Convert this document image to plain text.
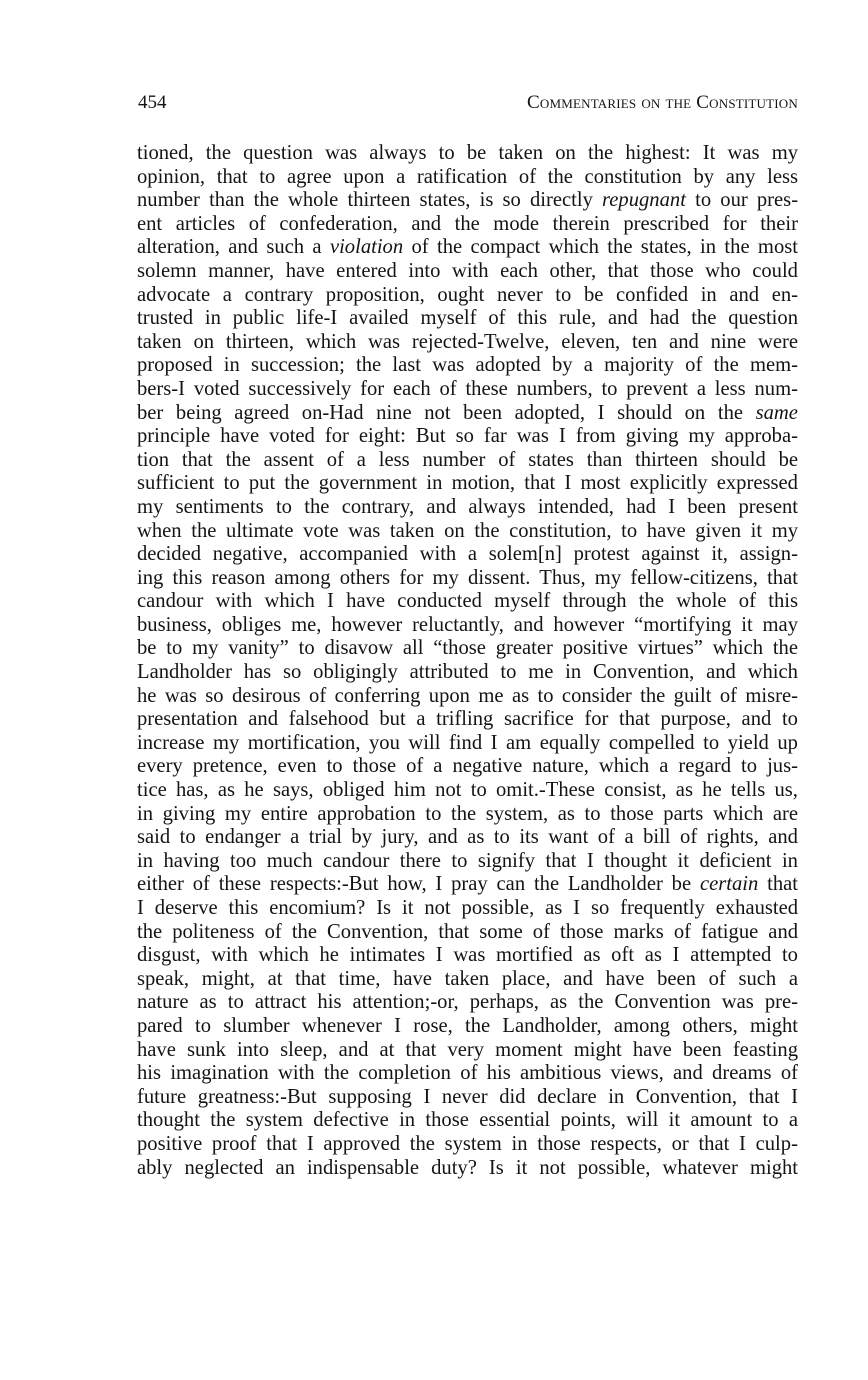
454	Commentaries on the Constitution
tioned, the question was always to be taken on the highest: It was my
opinion, that to agree upon a ratification of the constitution by any less
number than the whole thirteen states, is so directly repugnant to our pres-
ent articles of confederation, and the mode therein prescribed for their
alteration, and such a violation of the compact which the states, in the most
solemn manner, have entered into with each other, that those who could
advocate a contrary proposition, ought never to be confided in and en-
trusted in public life-I availed myself of this rule, and had the question
taken on thirteen, which was rejected-Twelve, eleven, ten and nine were
proposed in succession; the last was adopted by a majority of the mem-
bers-I voted successively for each of these numbers, to prevent a less num-
ber being agreed on-Had nine not been adopted, I should on the same
principle have voted for eight: But so far was I from giving my approba-
tion that the assent of a less number of states than thirteen should be
sufficient to put the government in motion, that I most explicitly expressed
my sentiments to the contrary, and always intended, had I been present
when the ultimate vote was taken on the constitution, to have given it my
decided negative, accompanied with a solem[n] protest against it, assign-
ing this reason among others for my dissent. Thus, my fellow-citizens, that
candour with which I have conducted myself through the whole of this
business, obliges me, however reluctantly, and however “mortifying it may
be to my vanity” to disavow all “those greater positive virtues” which the
Landholder has so obligingly attributed to me in Convention, and which
he was so desirous of conferring upon me as to consider the guilt of misre-
presentation and falsehood but a trifling sacrifice for that purpose, and to
increase my mortification, you will find I am equally compelled to yield up
every pretence, even to those of a negative nature, which a regard to jus-
tice has, as he says, obliged him not to omit.-These consist, as he tells us,
in giving my entire approbation to the system, as to those parts which are
said to endanger a trial by jury, and as to its want of a bill of rights, and
in having too much candour there to signify that I thought it deficient in
either of these respects:-But how, I pray can the Landholder be certain that
I deserve this encomium? Is it not possible, as I so frequently exhausted
the politeness of the Convention, that some of those marks of fatigue and
disgust, with which he intimates I was mortified as oft as I attempted to
speak, might, at that time, have taken place, and have been of such a
nature as to attract his attention;-or, perhaps, as the Convention was pre-
pared to slumber whenever I rose, the Landholder, among others, might
have sunk into sleep, and at that very moment might have been feasting
his imagination with the completion of his ambitious views, and dreams of
future greatness:-But supposing I never did declare in Convention, that I
thought the system defective in those essential points, will it amount to a
positive proof that I approved the system in those respects, or that I culp-
ably neglected an indispensable duty? Is it not possible, whatever might
